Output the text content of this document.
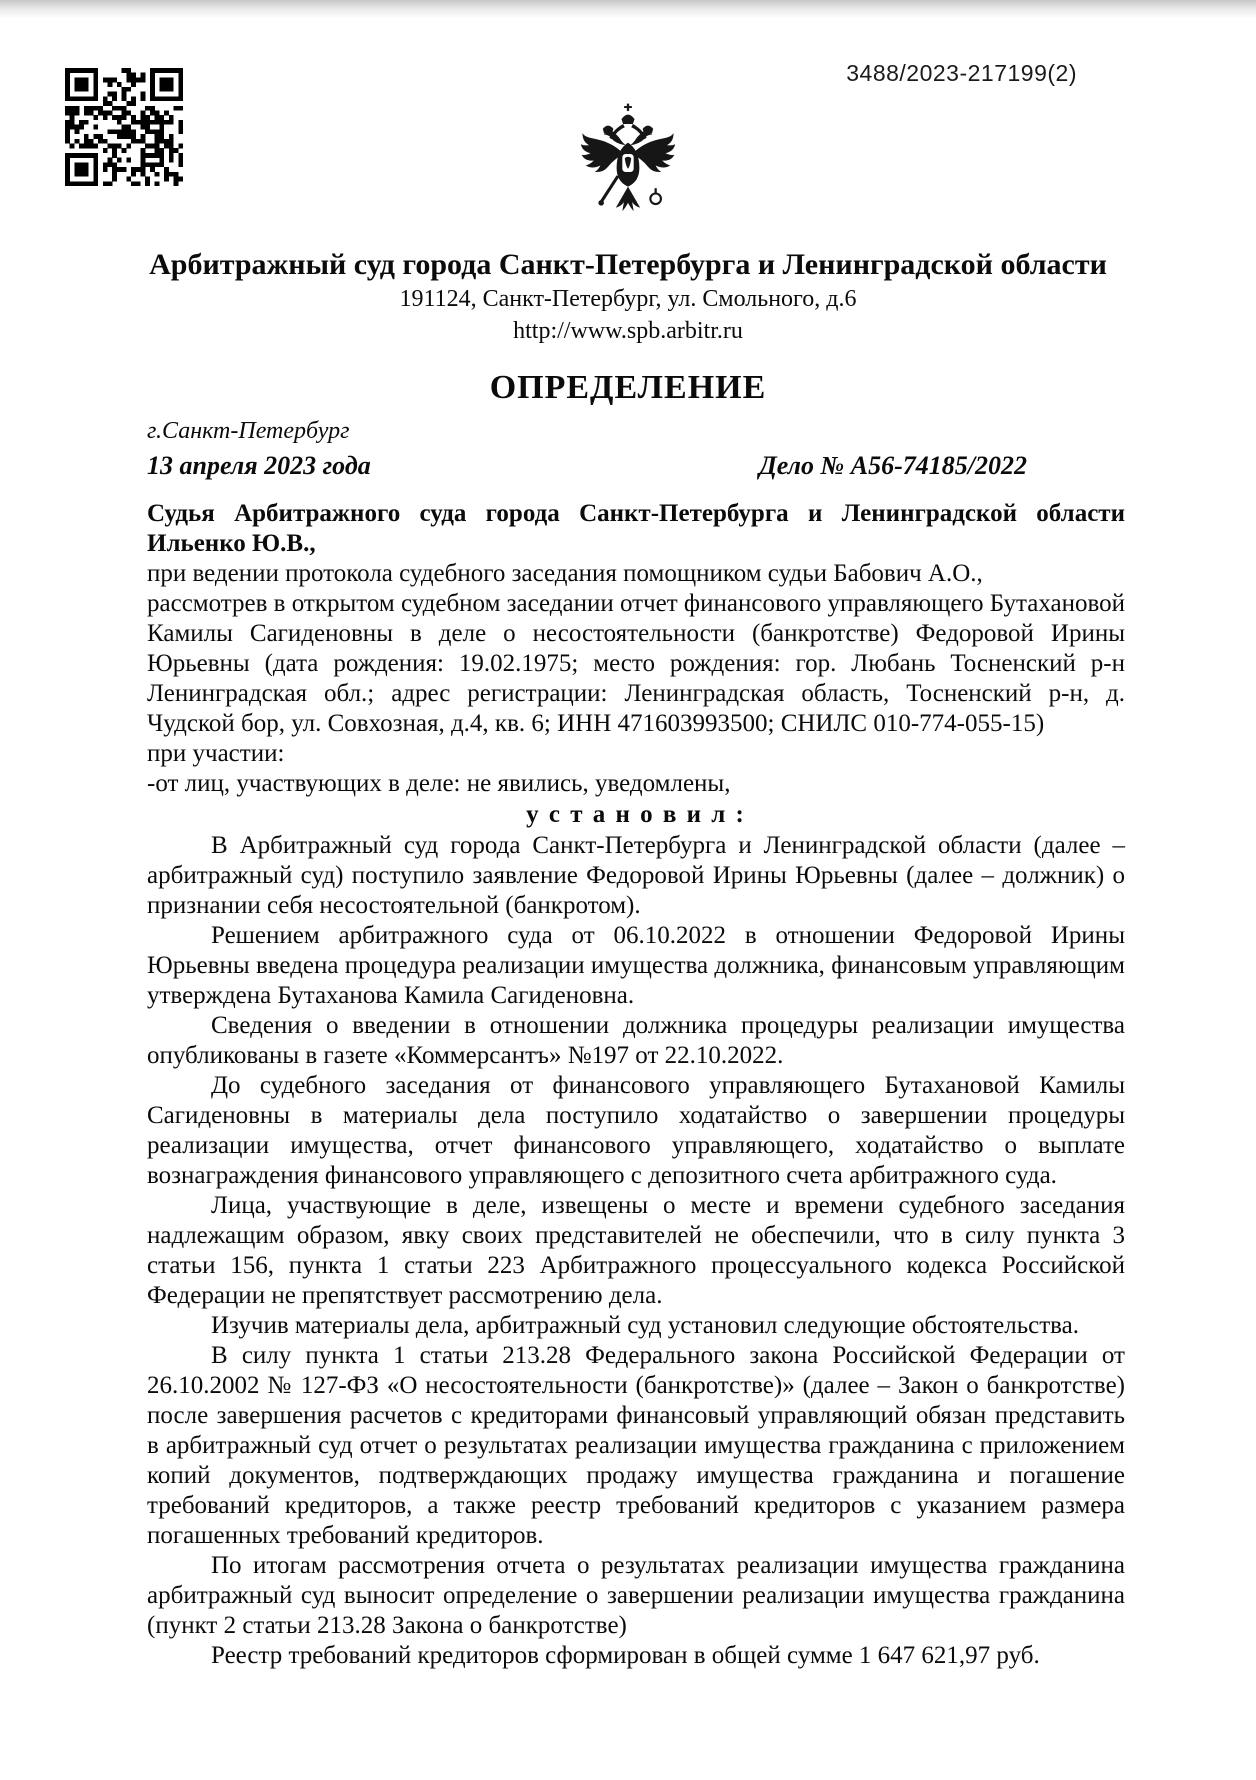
3488/2023-217199(2)
Арбитражный суд города Санкт-Петербурга и Ленинградской области
191124, Санкт-Петербург, ул. Смольного, д.6
http://www.spb.arbitr.ru
ОПРЕДЕЛЕНИЕ
г.Санкт-Петербург
13 апреля 2023 года	Дело № А56-74185/2022

Судья Арбитражного суда города Санкт-Петербурга и Ленинградской области Ильенко Ю.В.,

при ведении протокола судебного заседания помощником судьи Бабович А.О.,

рассмотрев в открытом судебном заседании отчет финансового управляющего Бутахановой Камилы Сагиденовны в деле о несостоятельности (банкротстве) Федоровой Ирины Юрьевны (дата рождения: 19.02.1975; место рождения: гор. Любань Тосненский р-н Ленинградская обл.; адрес регистрации: Ленинградская область, Тосненский р-н, д. Чудской бор, ул. Совхозная, д.4, кв. 6; ИНН 471603993500; СНИЛС 010-774-055-15)

при участии:

-от лиц, участвующих в деле: не явились, уведомлены,

у с т а н о в и л :

В Арбитражный суд города Санкт-Петербурга и Ленинградской области (далее – арбитражный суд) поступило заявление Федоровой Ирины Юрьевны (далее – должник) о признании себя несостоятельной (банкротом).

Решением арбитражного суда от 06.10.2022 в отношении Федоровой Ирины Юрьевны введена процедура реализации имущества должника, финансовым управляющим утверждена Бутаханова Камила Сагиденовна.

Сведения о введении в отношении должника процедуры реализации имущества опубликованы в газете «Коммерсантъ» №197 от 22.10.2022.

До судебного заседания от финансового управляющего Бутахановой Камилы Сагиденовны в материалы дела поступило ходатайство о завершении процедуры реализации имущества, отчет финансового управляющего, ходатайство о выплате вознаграждения финансового управляющего с депозитного счета арбитражного суда.

Лица, участвующие в деле, извещены о месте и времени судебного заседания надлежащим образом, явку своих представителей не обеспечили, что в силу пункта 3 статьи 156, пункта 1 статьи 223 Арбитражного процессуального кодекса Российской Федерации не препятствует рассмотрению дела.

Изучив материалы дела, арбитражный суд установил следующие обстоятельства.

В силу пункта 1 статьи 213.28 Федерального закона Российской Федерации от 26.10.2002 № 127-ФЗ «О несостоятельности (банкротстве)» (далее – Закон о банкротстве) после завершения расчетов с кредиторами финансовый управляющий обязан представить в арбитражный суд отчет о результатах реализации имущества гражданина с приложением копий документов, подтверждающих продажу имущества гражданина и погашение требований кредиторов, а также реестр требований кредиторов с указанием размера погашенных требований кредиторов.

По итогам рассмотрения отчета о результатах реализации имущества гражданина арбитражный суд выносит определение о завершении реализации имущества гражданина (пункт 2 статьи 213.28 Закона о банкротстве)

Реестр требований кредиторов сформирован в общей сумме 1 647 621,97 руб.
